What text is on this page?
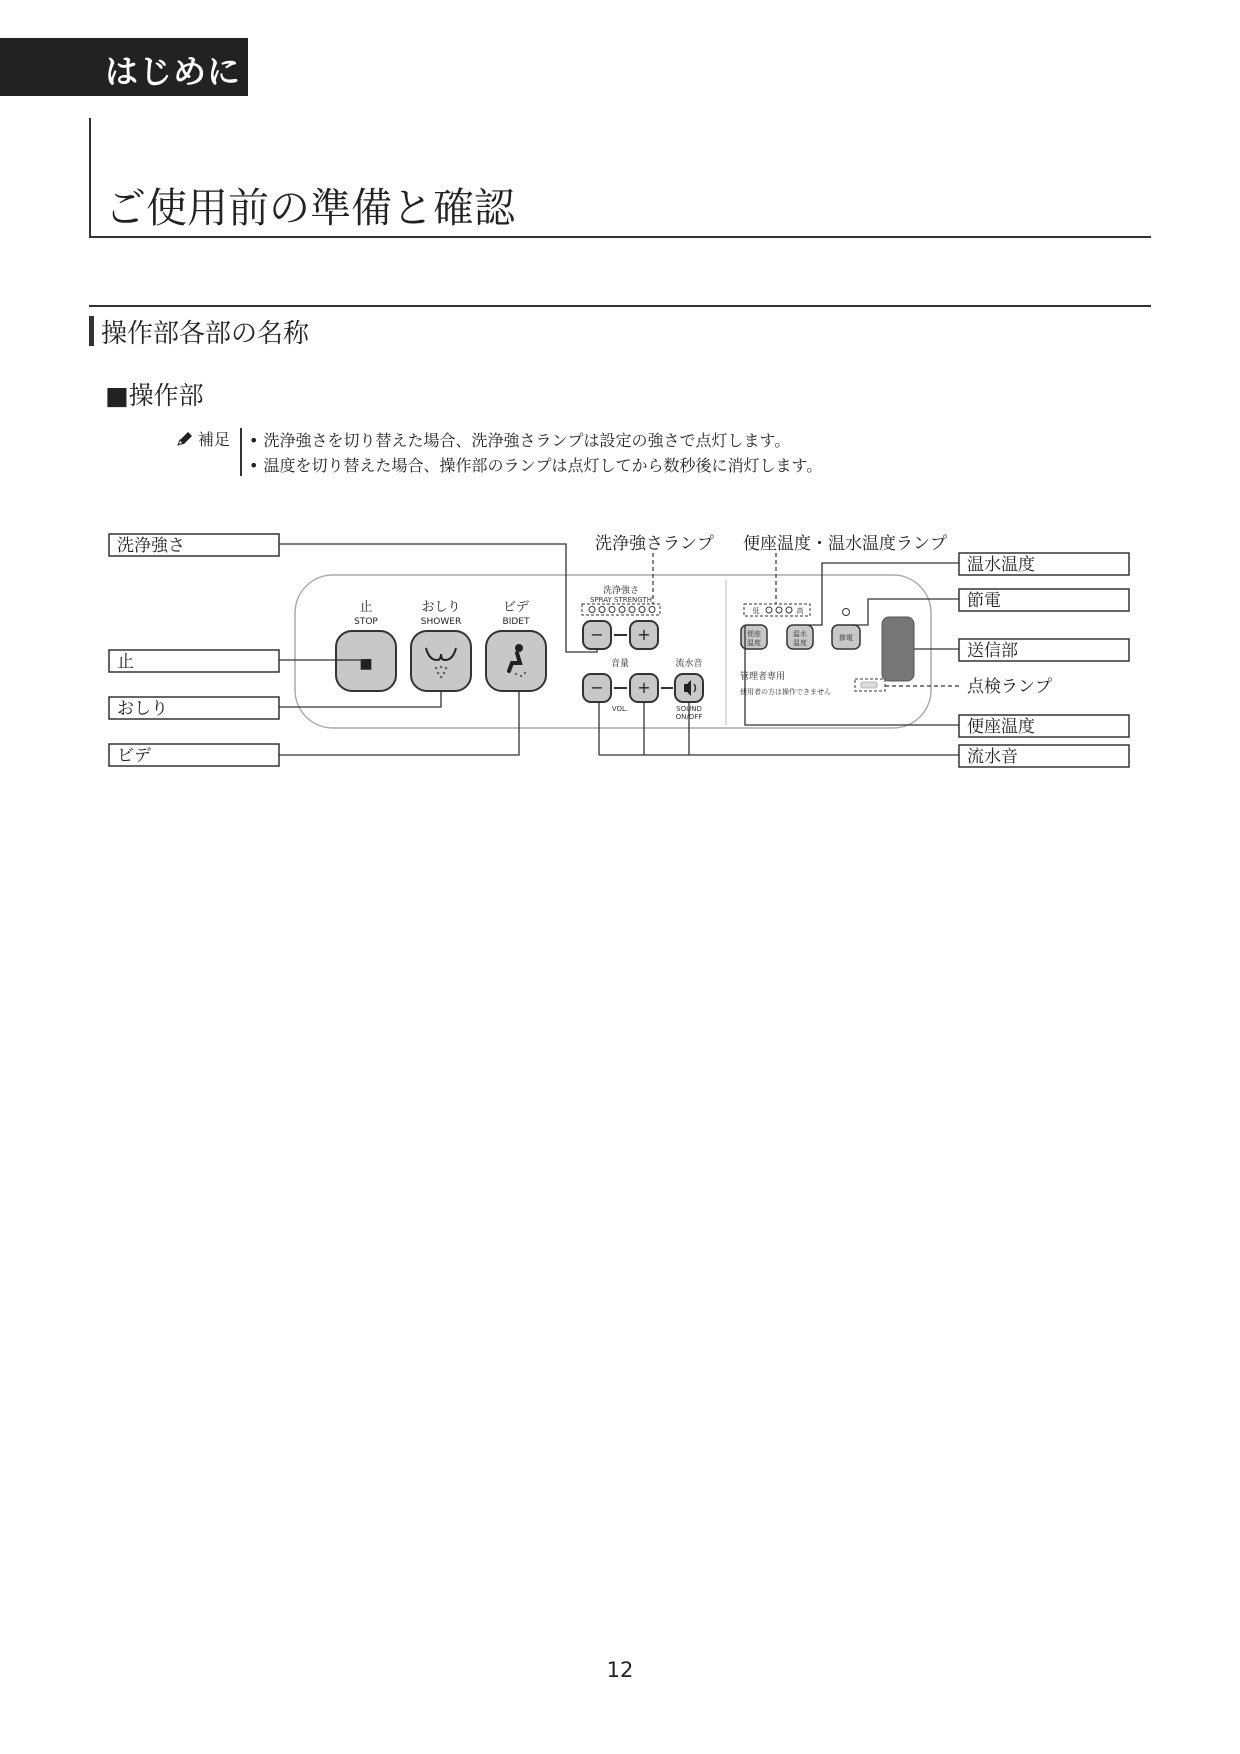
はじめに
ご使用前の準備と確認
操作部各部の名称
■操作部
補足 • 洗浄強さを切り替えた場合、洗浄強さランプは設定の強さで点灯します。
• 温度を切り替えた場合、操作部のランプは点灯してから数秒後に消灯します。
止
STOP
おしり
SHOWER
ビデ
BIDET
■
洗浄強さ
SPRAY STRENGTH
− +
音量	流水音
− +
VOL.	SOUND
ON/OFF
低	高
便座
温度
温水
温度
節電
管理者専用
使用者の方は操作できません
洗浄強さ
止
おしり
ビデ
洗浄強さランプ 便座温度・温水温度ランプ
温水温度
節電
送信部
点検ランプ
便座温度
流水音
12
